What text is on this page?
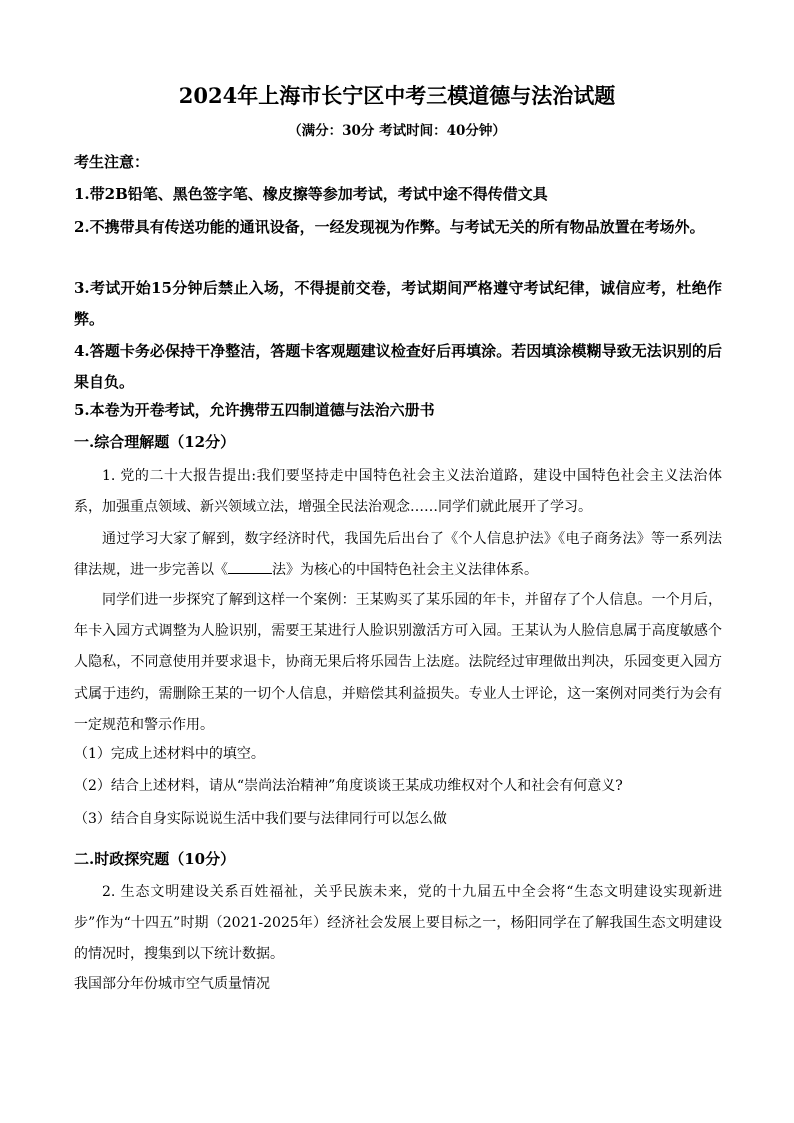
2024年上海市长宁区中考三模道德与法治试题
（满分：30分 考试时间：40分钟）
考生注意：
1.带2B铅笔、黑色签字笔、橡皮擦等参加考试，考试中途不得传借文具
2.不携带具有传送功能的通讯设备，一经发现视为作弊。与考试无关的所有物品放置在考场外。
3.考试开始15分钟后禁止入场，不得提前交卷，考试期间严格遵守考试纪律，诚信应考，杜绝作弊。
4.答题卡务必保持干净整洁，答题卡客观题建议检查好后再填涂。若因填涂模糊导致无法识别的后果自负。
5.本卷为开卷考试，允许携带五四制道德与法治六册书
一.综合理解题（12分）
1. 党的二十大报告提出:我们要坚持走中国特色社会主义法治道路，建设中国特色社会主义法治体系，加强重点领域、新兴领域立法，增强全民法治观念……同学们就此展开了学习。
通过学习大家了解到，数字经济时代，我国先后出台了《个人信息护法》《电子商务法》等一系列法律法规，进一步完善以《	法》为核心的中国特色社会主义法律体系。
同学们进一步探究了解到这样一个案例：王某购买了某乐园的年卡，并留存了个人信息。一个月后，年卡入园方式调整为人脸识别，需要王某进行人脸识别激活方可入园。王某认为人脸信息属于高度敏感个人隐私，不同意使用并要求退卡，协商无果后将乐园告上法庭。法院经过审理做出判决，乐园变更入园方式属于违约，需删除王某的一切个人信息，并赔偿其利益损失。专业人士评论，这一案例对同类行为会有一定规范和警示作用。
（1）完成上述材料中的填空。
（2）结合上述材料，请从“崇尚法治精神”角度谈谈王某成功维权对个人和社会有何意义?
（3）结合自身实际说说生活中我们要与法律同行可以怎么做
二.时政探究题（10分）
2. 生态文明建设关系百姓福祉，关乎民族未来，党的十九届五中全会将“生态文明建设实现新进步”作为“十四五”时期（2021-2025年）经济社会发展上要目标之一，杨阳同学在了解我国生态文明建设的情况时，搜集到以下统计数据。
我国部分年份城市空气质量情况
